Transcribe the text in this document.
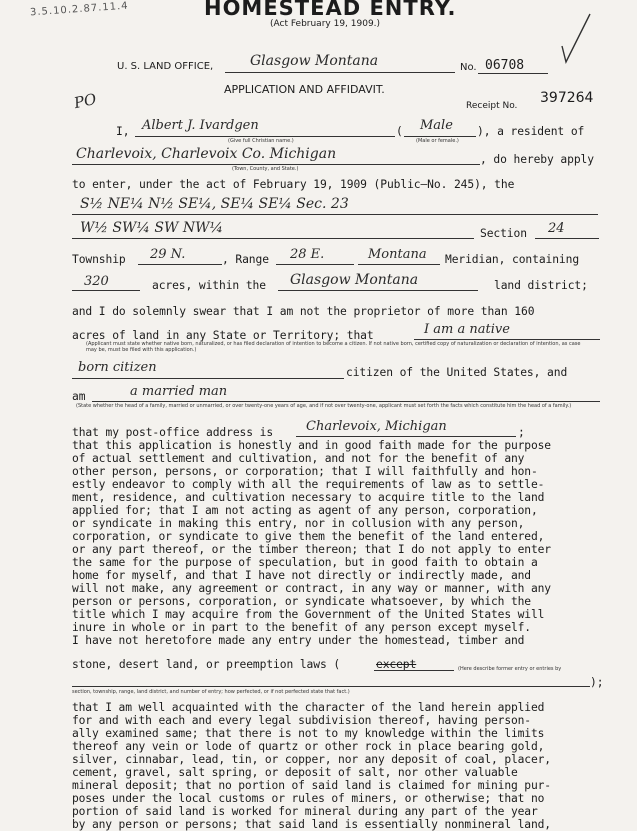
3.5.10.2.87.11.4	HOMESTEAD ENTRY.
(Act February 19, 1909.)
U. S. LAND OFFICE,	Glasgow Montana	No. 06708
APPLICATION AND AFFIDAVIT.
PO	Receipt No. 397264
I, Albert J. Ivardgen
(Give full Christian name.)
( Male
(Male or female.)
), a resident of
Charlevoix, Charlevoix Co. Michigan
(Town, County, and State.)
, do hereby apply
to enter, under the act of February 19, 1909 (Public—No. 245), the
S½ NE¼ N½ SE¼, SE¼ SE¼ Sec. 23
W½ SW¼ SW NW¼	Section 24
Township 29 N.	, Range 28 E.	Montana Meridian, containing
320	acres, within the Glasgow Montana	land district;
and I do solemnly swear that I am not the proprietor of more than 160
acres of land in any State or Territory; that	I am a native
(Applicant must state whether native born, naturalized, or has filed declaration of intention to become a citizen. If not native born, certified copy of naturalization or declaration of intention, as case may be, must be filed with this application.)
born citizen	citizen of the United States, and
am	a married man
(State whether the head of a family, married or unmarried, or over twenty-one years of age, and if not over twenty-one, applicant must set forth the facts which constitute him the head of a family.)
that my post-office address is	Charlevoix, Michigan	;
that this application is honestly and in good faith made for the purpose
of actual settlement and cultivation, and not for the benefit of any
other person, persons, or corporation; that I will faithfully and hon-
estly endeavor to comply with all the requirements of law as to settle-
ment, residence, and cultivation necessary to acquire title to the land
applied for; that I am not acting as agent of any person, corporation,
or syndicate in making this entry, nor in collusion with any person,
corporation, or syndicate to give them the benefit of the land entered,
or any part thereof, or the timber thereon; that I do not apply to enter
the same for the purpose of speculation, but in good faith to obtain a
home for myself, and that I have not directly or indirectly made, and
will not make, any agreement or contract, in any way or manner, with any
person or persons, corporation, or syndicate whatsoever, by which the
title which I may acquire from the Government of the United States will
inure in whole or in part to the benefit of any person except myself.
I have not heretofore made any entry under the homestead, timber and
stone, desert land, or preemption laws (	except	(Here describe former entry or entries by
);
section, township, range, land district, and number of entry; how perfected, or if not perfected state that fact.)
that I am well acquainted with the character of the land herein applied
for and with each and every legal subdivision thereof, having person-
ally examined same; that there is not to my knowledge within the limits
thereof any vein or lode of quartz or other rock in place bearing gold,
silver, cinnabar, lead, tin, or copper, nor any deposit of coal, placer,
cement, gravel, salt spring, or deposit of salt, nor other valuable
mineral deposit; that no portion of said land is claimed for mining pur-
poses under the local customs or rules of miners, or otherwise; that no
portion of said land is worked for mineral during any part of the year
by any person or persons; that said land is essentially nonmineral land,
